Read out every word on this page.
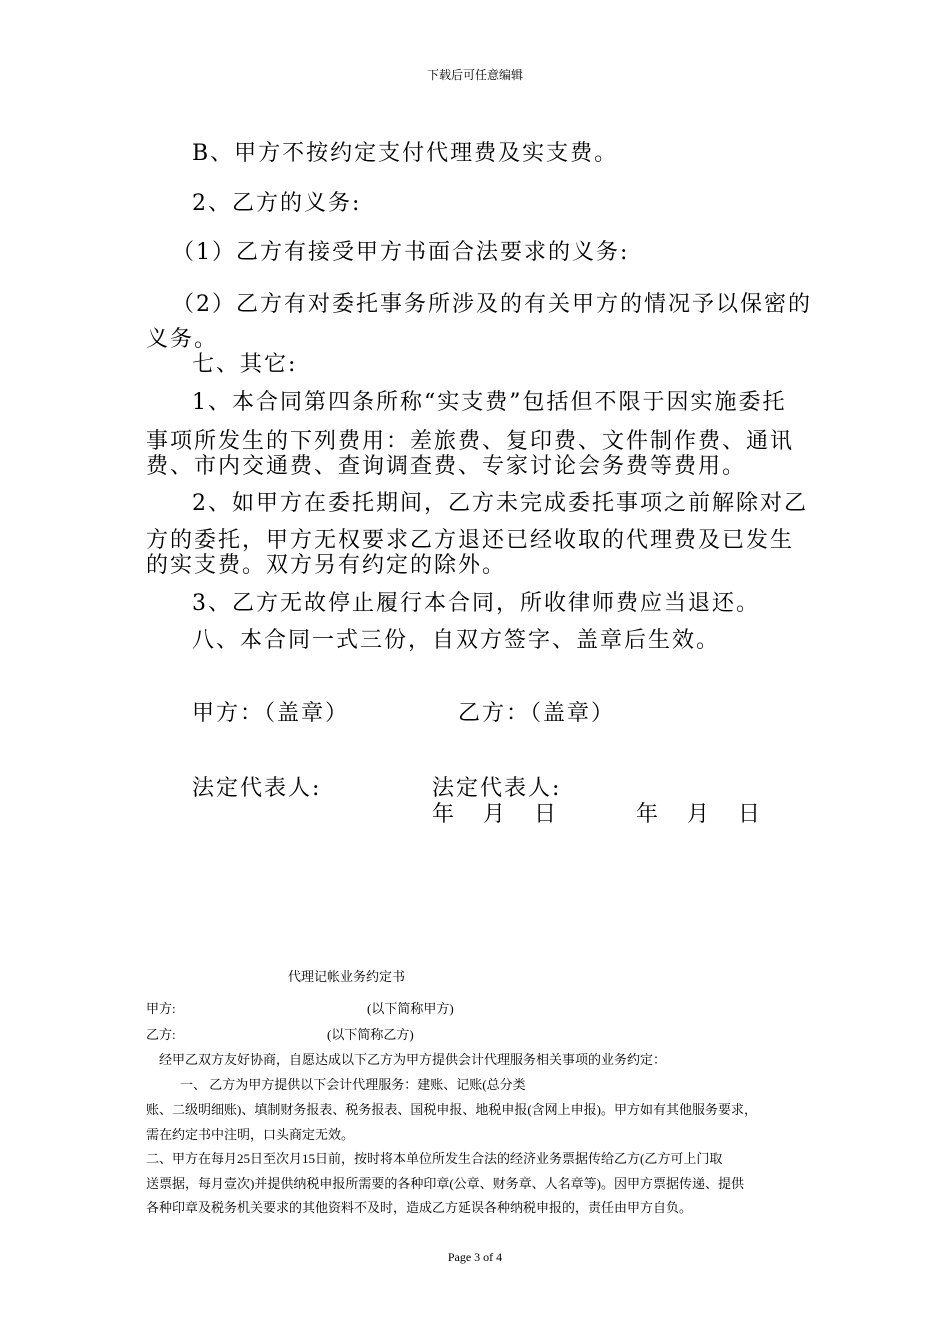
下载后可任意编辑
B、甲方不按约定支付代理费及实支费。
2、乙方的义务:
（1）乙方有接受甲方书面合法要求的义务:
（2）乙方有对委托事务所涉及的有关甲方的情况予以保密的
义务。
七、其它:
1、本合同第四条所称“实支费”包括但不限于因实施委托
事项所发生的下列费用：差旅费、复印费、文件制作费、通讯
费、市内交通费、查询调查费、专家讨论会务费等费用。
2、如甲方在委托期间，乙方未完成委托事项之前解除对乙
方的委托，甲方无权要求乙方退还已经收取的代理费及已发生
的实支费。双方另有约定的除外。
3、乙方无故停止履行本合同，所收律师费应当退还。
八、本合同一式三份，自双方签字、盖章后生效。
甲方：（盖章）	乙方：（盖章）
法定代表人:	法定代表人:
年   月   日	年   月   日
代理记帐业务约定书
甲方:	(以下简称甲方)
乙方:	(以下简称乙方)
经甲乙双方友好协商，自愿达成以下乙方为甲方提供会计代理服务相关事项的业务约定：
一、 乙方为甲方提供以下会计代理服务：建账、记账(总分类
账、二级明细账)、填制财务报表、税务报表、国税申报、地税申报(含网上申报)。甲方如有其他服务要求，
需在约定书中注明，口头商定无效。
二、甲方在每月25日至次月15日前，按时将本单位所发生合法的经济业务票据传给乙方(乙方可上门取
送票据，每月壹次)并提供纳税申报所需要的各种印章(公章、财务章、人名章等)。因甲方票据传递、提供
各种印章及税务机关要求的其他资料不及时，造成乙方延误各种纳税申报的，责任由甲方自负。
Page 3 of 4
